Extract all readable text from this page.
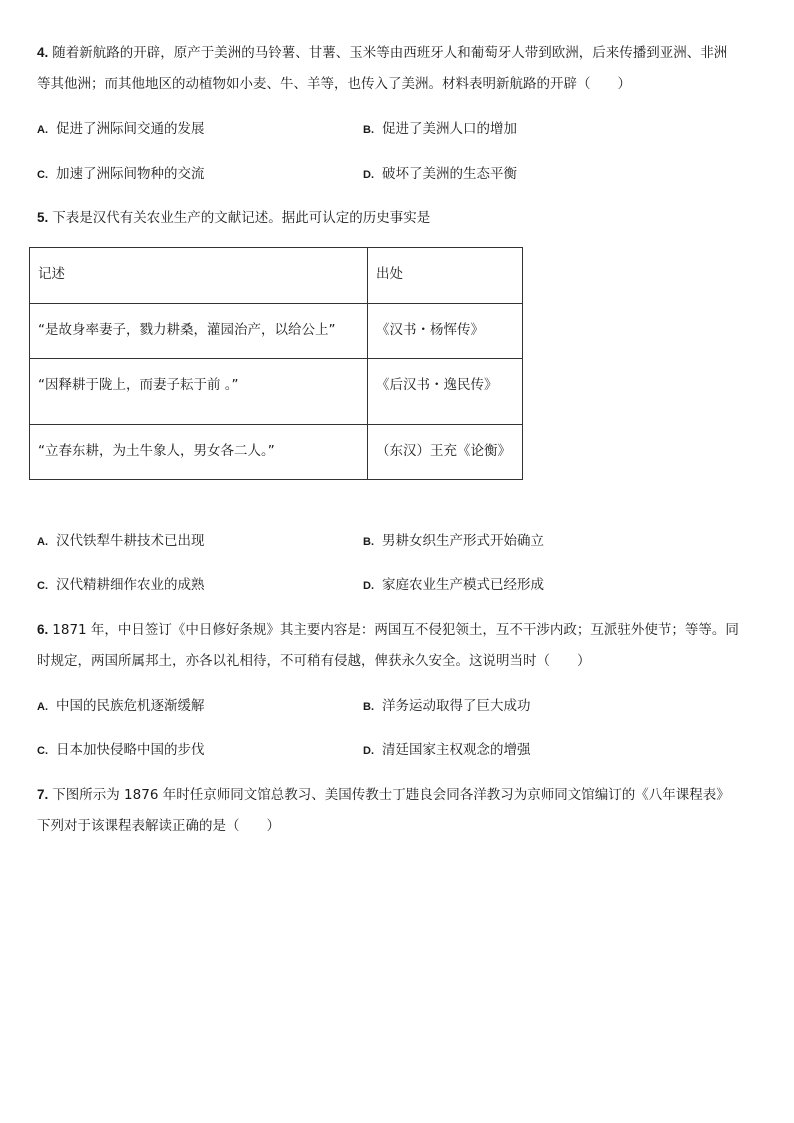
4. 随着新航路的开辟，原产于美洲的马铃薯、甘薯、玉米等由西班牙人和葡萄牙人带到欧洲，后来传播到亚洲、非洲
等其他洲；而其他地区的动植物如小麦、牛、羊等，也传入了美洲。材料表明新航路的开辟（　　）
A. 促进了洲际间交通的发展	B. 促进了美洲人口的增加
C. 加速了洲际间物种的交流	D. 破坏了美洲的生态平衡
5. 下表是汉代有关农业生产的文献记述。据此可认定的历史事实是
记述	出处

“是故身率妻子，戮力耕桑，灌园治产，以给公上”	《汉书・杨恽传》

“因释耕于陇上，而妻子耘于前 。”	《后汉书・逸民传》

“立春东耕，为土牛象人，男女各二人。”	（东汉）王充《论衡》
A. 汉代铁犁牛耕技术已出现	B. 男耕女织生产形式开始确立
C. 汉代精耕细作农业的成熟	D. 家庭农业生产模式已经形成
6. 1871 年，中日签订《中日修好条规》其主要内容是：两国互不侵犯领土，互不干涉内政；互派驻外使节；等等。同
时规定，两国所属邦土，亦各以礼相待，不可稍有侵越，俾获永久安全。这说明当时（　　）
A. 中国的民族危机逐渐缓解	B. 洋务运动取得了巨大成功
C. 日本加快侵略中国的步伐	D. 清廷国家主权观念的增强
7. 下图所示为 1876 年时任京师同文馆总教习、美国传教士丁韪良会同各洋教习为京师同文馆编订的《八年课程表》
下列对于该课程表解读正确的是（　　）
